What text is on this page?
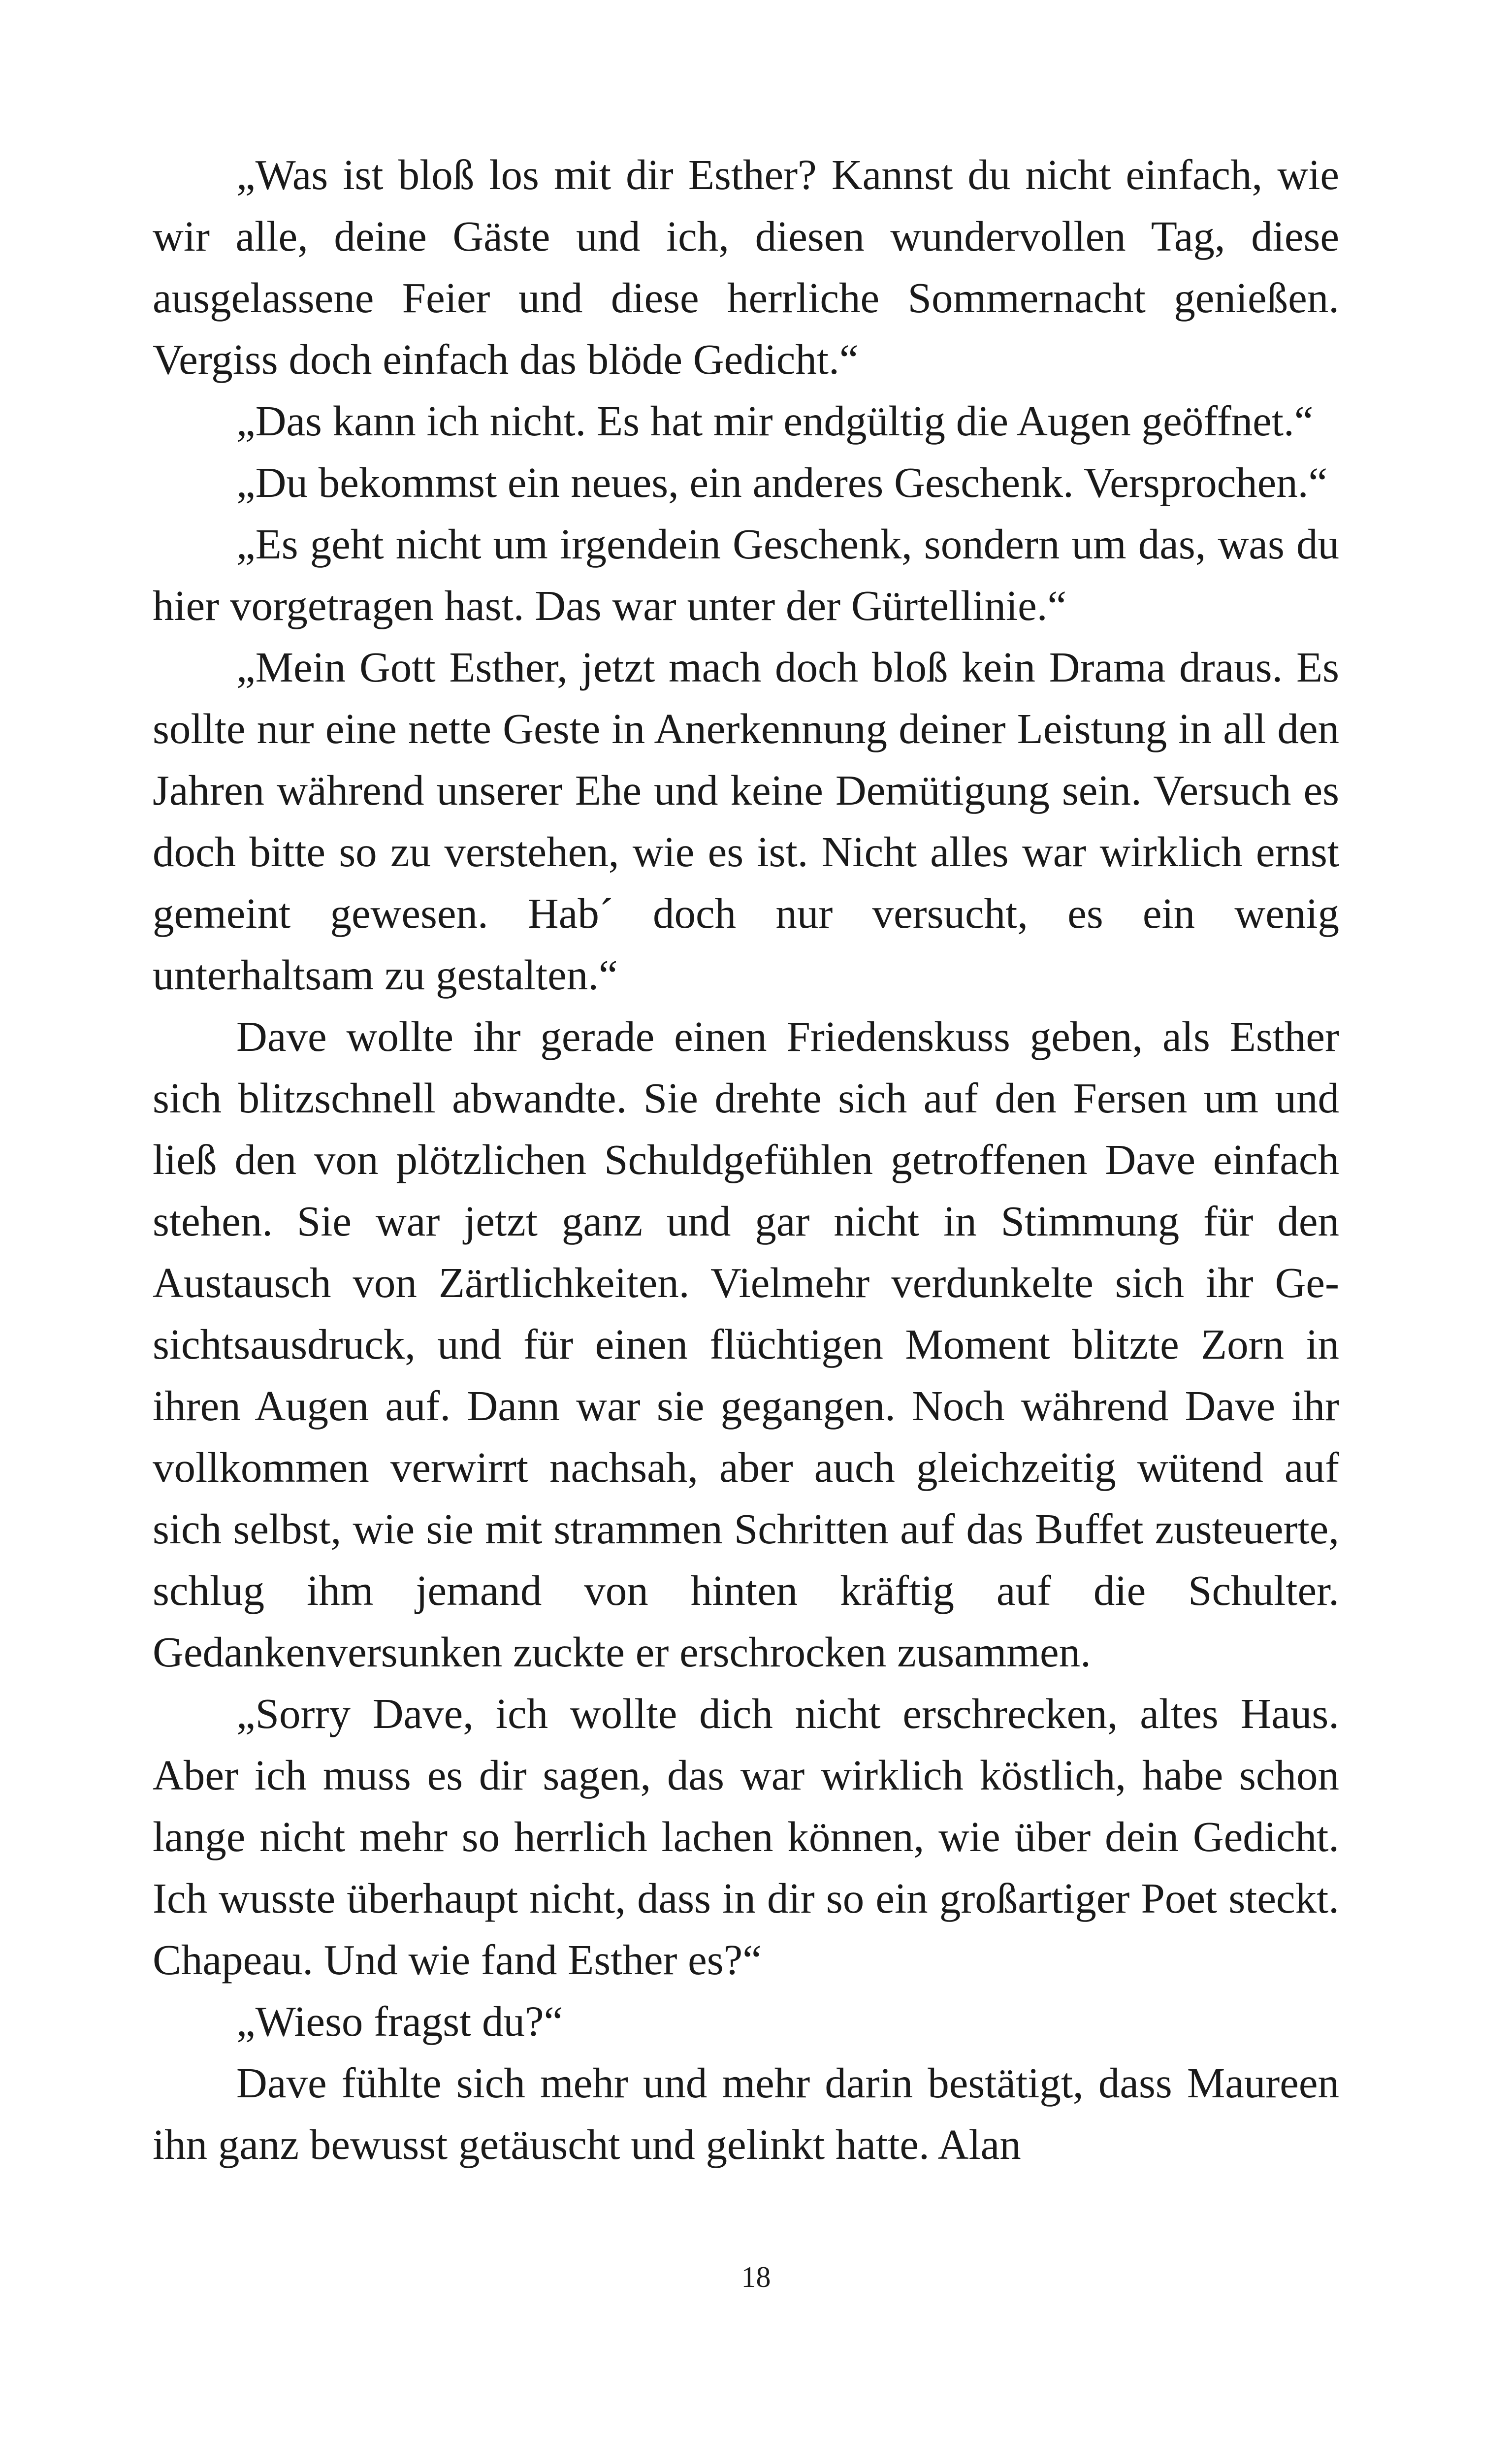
„Was ist bloß los mit dir Esther? Kannst du nicht einfach, wie wir alle, deine Gäste und ich, diesen wundervollen Tag, diese ausgelassene Feier und diese herrliche Sommernacht genießen. Vergiss doch einfach das blöde Gedicht.“

„Das kann ich nicht. Es hat mir endgültig die Augen geöffnet.“

„Du bekommst ein neues, ein anderes Geschenk. Versprochen.“

„Es geht nicht um irgendein Geschenk, sondern um das, was du hier vorgetragen hast. Das war unter der Gürtellinie.“

„Mein Gott Esther, jetzt mach doch bloß kein Drama draus. Es sollte nur eine nette Geste in Anerkennung deiner Leistung in all den Jahren während unserer Ehe und keine Demütigung sein. Versuch es doch bitte so zu verstehen, wie es ist. Nicht alles war wirklich ernst gemeint gewesen. Hab´ doch nur versucht, es ein wenig unterhaltsam zu gestalten.“

Dave wollte ihr gerade einen Friedenskuss geben, als Esther sich blitzschnell abwandte. Sie drehte sich auf den Fersen um und ließ den von plötzlichen Schuldgefühlen getroffenen Dave einfach stehen. Sie war jetzt ganz und gar nicht in Stimmung für den Austausch von Zärtlichkeiten. Vielmehr verdunkelte sich ihr Gesichtsausdruck, und für einen flüchtigen Moment blitzte Zorn in ihren Augen auf. Dann war sie gegangen. Noch während Dave ihr vollkommen verwirrt nachsah, aber auch gleichzeitig wütend auf sich selbst, wie sie mit strammen Schritten auf das Buffet zusteuerte, schlug ihm jemand von hinten kräftig auf die Schulter. Gedankenversunken zuckte er erschrocken zusammen.

„Sorry Dave, ich wollte dich nicht erschrecken, altes Haus. Aber ich muss es dir sagen, das war wirklich köstlich, habe schon lange nicht mehr so herrlich lachen können, wie über dein Gedicht. Ich wusste überhaupt nicht, dass in dir so ein großartiger Poet steckt. Chapeau. Und wie fand Esther es?“

„Wieso fragst du?“

Dave fühlte sich mehr und mehr darin bestätigt, dass Maureen ihn ganz bewusst getäuscht und gelinkt hatte. Alan

18
